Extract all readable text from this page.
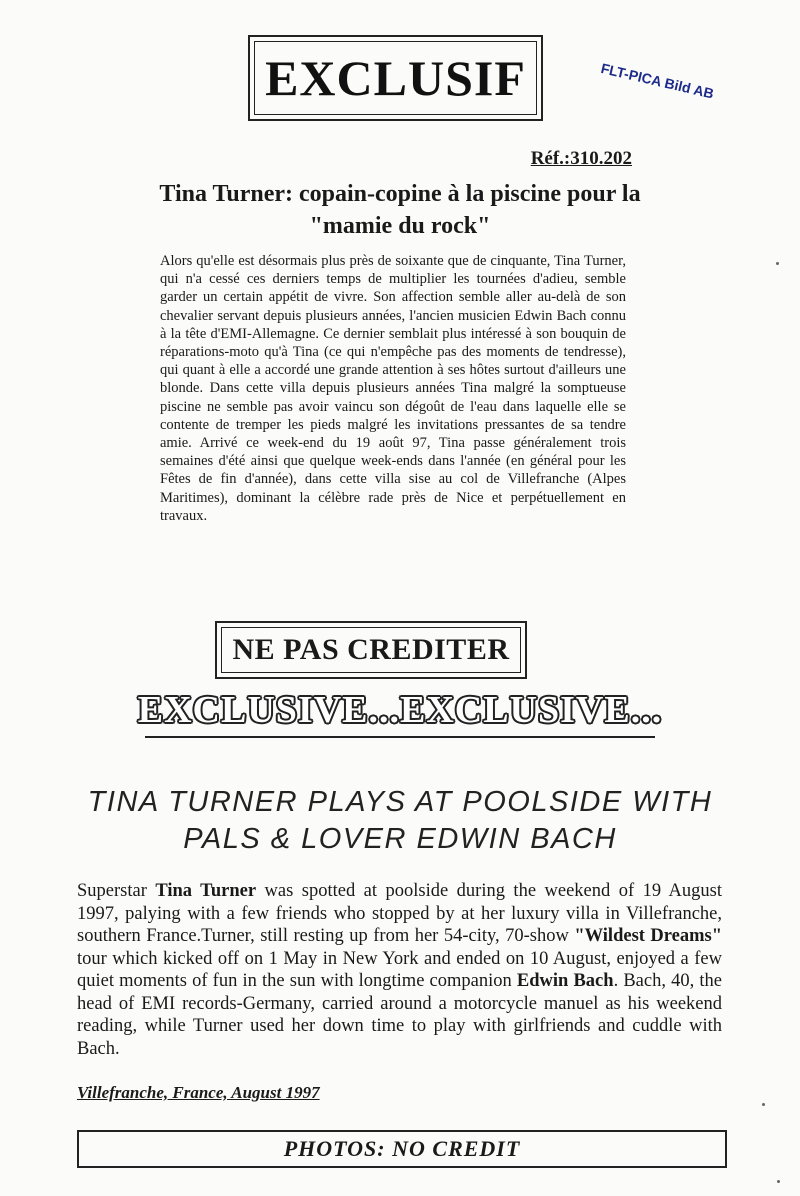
EXCLUSIF	FLT-PICA Bild AB
Réf.:310.202
Tina Turner: copain-copine à la piscine pour la "mamie du rock"
Alors qu'elle est désormais plus près de soixante que de cinquante, Tina Turner, qui n'a cessé ces derniers temps de multiplier les tournées d'adieu, semble garder un certain appétit de vivre. Son affection semble aller au-delà de son chevalier servant depuis plusieurs années, l'ancien musicien Edwin Bach connu à la tête d'EMI-Allemagne. Ce dernier semblait plus intéressé à son bouquin de réparations-moto qu'à Tina (ce qui n'empêche pas des moments de tendresse), qui quant à elle a accordé une grande attention à ses hôtes surtout d'ailleurs une blonde. Dans cette villa depuis plusieurs années Tina malgré la somptueuse piscine ne semble pas avoir vaincu son dégoût de l'eau dans laquelle elle se contente de tremper les pieds malgré les invitations pressantes de sa tendre amie. Arrivé ce week-end du 19 août 97, Tina passe généralement trois semaines d'été ainsi que quelque week-ends dans l'année (en général pour les Fêtes de fin d'année), dans cette villa sise au col de Villefranche (Alpes Maritimes), dominant la célèbre rade près de Nice et perpétuellement en travaux.
NE PAS CREDITER
EXCLUSIVE...EXCLUSIVE...
TINA TURNER PLAYS AT POOLSIDE WITH
PALS & LOVER EDWIN BACH
Superstar Tina Turner was spotted at poolside during the weekend of 19 August 1997, palying with a few friends who stopped by at her luxury villa in Villefranche, southern France.Turner, still resting up from her 54-city, 70-show "Wildest Dreams" tour which kicked off on 1 May in New York and ended on 10 August, enjoyed a few quiet moments of fun in the sun with longtime companion Edwin Bach. Bach, 40, the head of EMI records-Germany, carried around a motorcycle manuel as his weekend reading, while Turner used her down time to play with girlfriends and cuddle with Bach.
Villefranche, France, August 1997
PHOTOS: NO CREDIT
